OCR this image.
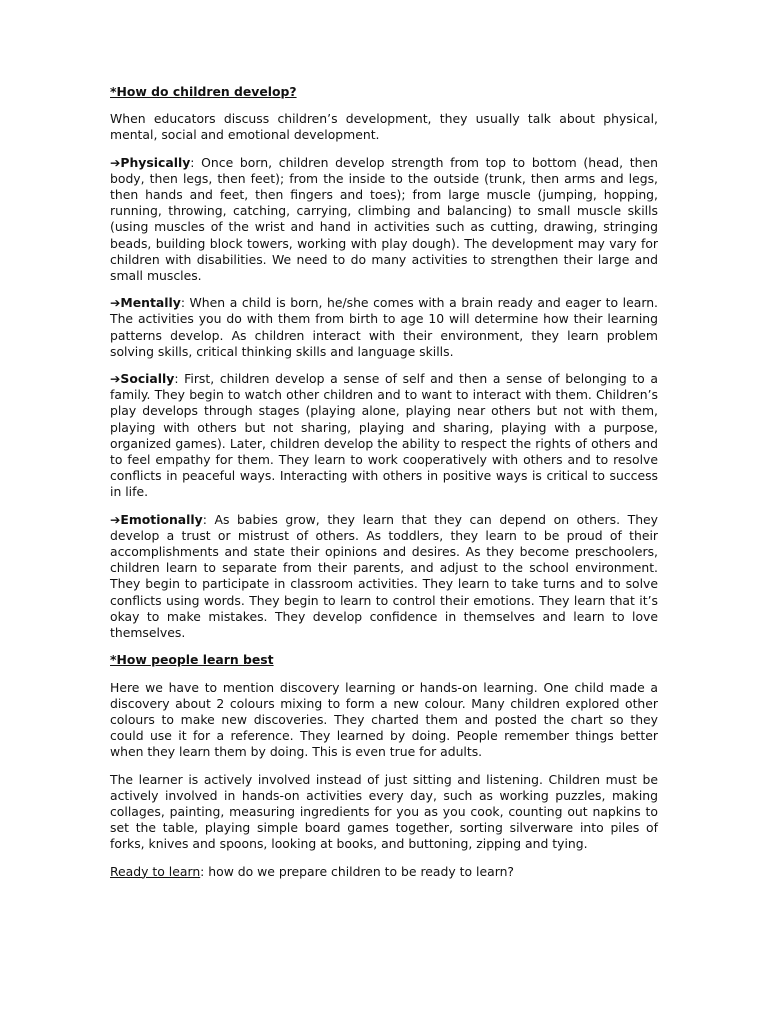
*How do children develop?

When educators discuss children’s development, they usually talk about physical, mental, social and emotional development.

➔Physically: Once born, children develop strength from top to bottom (head, then body, then legs, then feet); from the inside to the outside (trunk, then arms and legs, then hands and feet, then fingers and toes); from large muscle (jumping, hopping, running, throwing, catching, carrying, climbing and balancing) to small muscle skills (using muscles of the wrist and hand in activities such as cutting, drawing, stringing beads, building block towers, working with play dough). The development may vary for children with disabilities. We need to do many activities to strengthen their large and small muscles.

➔Mentally: When a child is born, he/she comes with a brain ready and eager to learn. The activities you do with them from birth to age 10 will determine how their learning patterns develop. As children interact with their environment, they learn problem solving skills, critical thinking skills and language skills.

➔Socially: First, children develop a sense of self and then a sense of belonging to a family. They begin to watch other children and to want to interact with them. Children’s play develops through stages (playing alone, playing near others but not with them, playing with others but not sharing, playing and sharing, playing with a purpose, organized games). Later, children develop the ability to respect the rights of others and to feel empathy for them. They learn to work cooperatively with others and to resolve conflicts in peaceful ways. Interacting with others in positive ways is critical to success in life.

➔Emotionally: As babies grow, they learn that they can depend on others. They develop a trust or mistrust of others. As toddlers, they learn to be proud of their accomplishments and state their opinions and desires. As they become preschoolers, children learn to separate from their parents, and adjust to the school environment. They begin to participate in classroom activities. They learn to take turns and to solve conflicts using words. They begin to learn to control their emotions. They learn that it’s okay to make mistakes. They develop confidence in themselves and learn to love themselves.

*How people learn best

Here we have to mention discovery learning or hands-on learning. One child made a discovery about 2 colours mixing to form a new colour. Many children explored other colours to make new discoveries. They charted them and posted the chart so they could use it for a reference. They learned by doing. People remember things better when they learn them by doing. This is even true for adults.

The learner is actively involved instead of just sitting and listening. Children must be actively involved in hands-on activities every day, such as working puzzles, making collages, painting, measuring ingredients for you as you cook, counting out napkins to set the table, playing simple board games together, sorting silverware into piles of forks, knives and spoons, looking at books, and buttoning, zipping and tying.

Ready to learn: how do we prepare children to be ready to learn?
